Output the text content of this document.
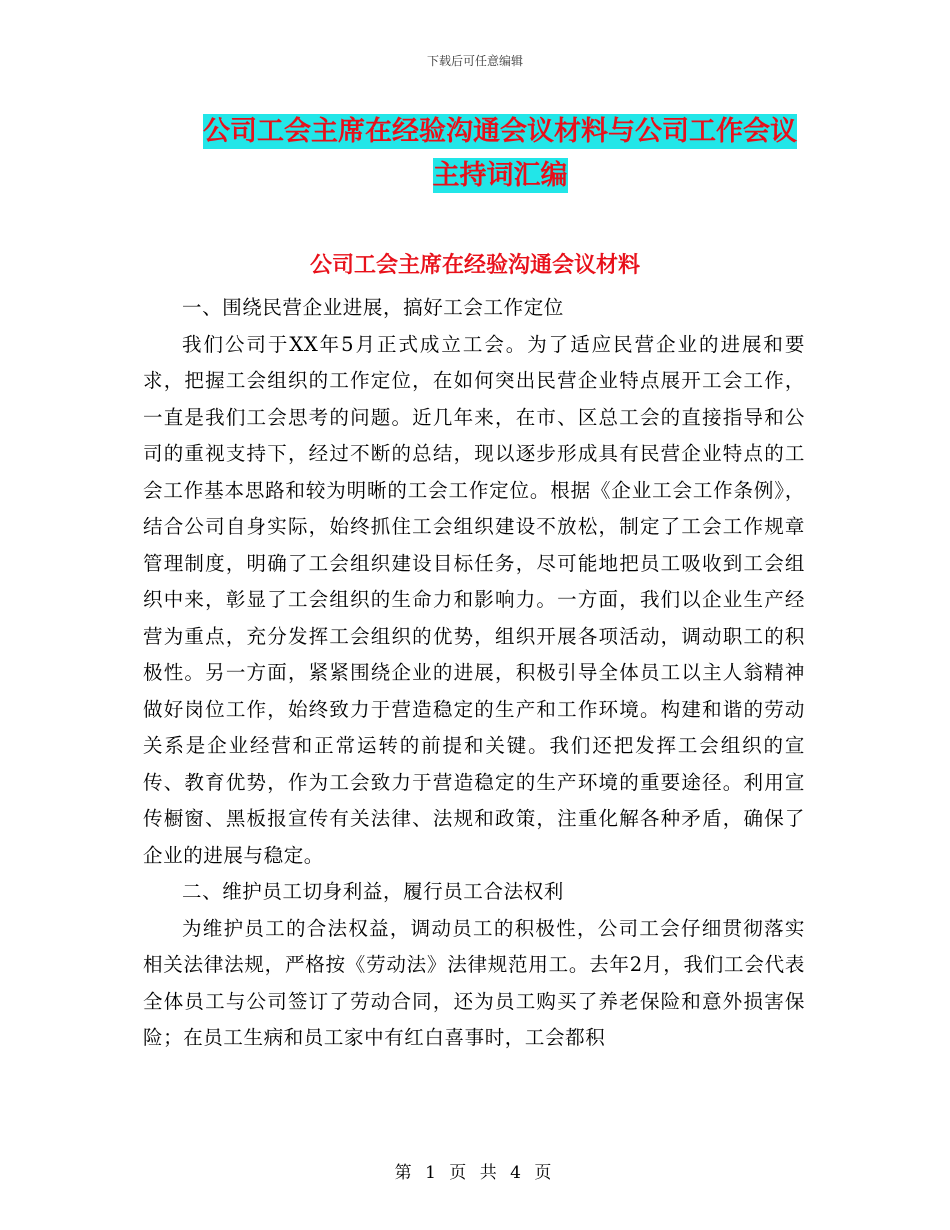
下载后可任意编辑
公司工会主席在经验沟通会议材料与公司工作会议主持词汇编
公司工会主席在经验沟通会议材料

一、围绕民营企业进展，搞好工会工作定位

我们公司于XX年5月正式成立工会。为了适应民营企业的进展和要求，把握工会组织的工作定位，在如何突出民营企业特点展开工会工作，一直是我们工会思考的问题。近几年来，在市、区总工会的直接指导和公司的重视支持下，经过不断的总结，现以逐步形成具有民营企业特点的工会工作基本思路和较为明晰的工会工作定位。根据《企业工会工作条例》，结合公司自身实际，始终抓住工会组织建设不放松，制定了工会工作规章管理制度，明确了工会组织建设目标任务，尽可能地把员工吸收到工会组织中来，彰显了工会组织的生命力和影响力。一方面，我们以企业生产经营为重点，充分发挥工会组织的优势，组织开展各项活动，调动职工的积极性。另一方面，紧紧围绕企业的进展，积极引导全体员工以主人翁精神做好岗位工作，始终致力于营造稳定的生产和工作环境。构建和谐的劳动关系是企业经营和正常运转的前提和关键。我们还把发挥工会组织的宣传、教育优势，作为工会致力于营造稳定的生产环境的重要途径。利用宣传橱窗、黑板报宣传有关法律、法规和政策，注重化解各种矛盾，确保了企业的进展与稳定。

二、维护员工切身利益，履行员工合法权利

为维护员工的合法权益，调动员工的积极性，公司工会仔细贯彻落实相关法律法规，严格按《劳动法》法律规范用工。去年2月，我们工会代表全体员工与公司签订了劳动合同，还为员工购买了养老保险和意外损害保险；在员工生病和员工家中有红白喜事时，工会都积

第 1 页 共 4 页
